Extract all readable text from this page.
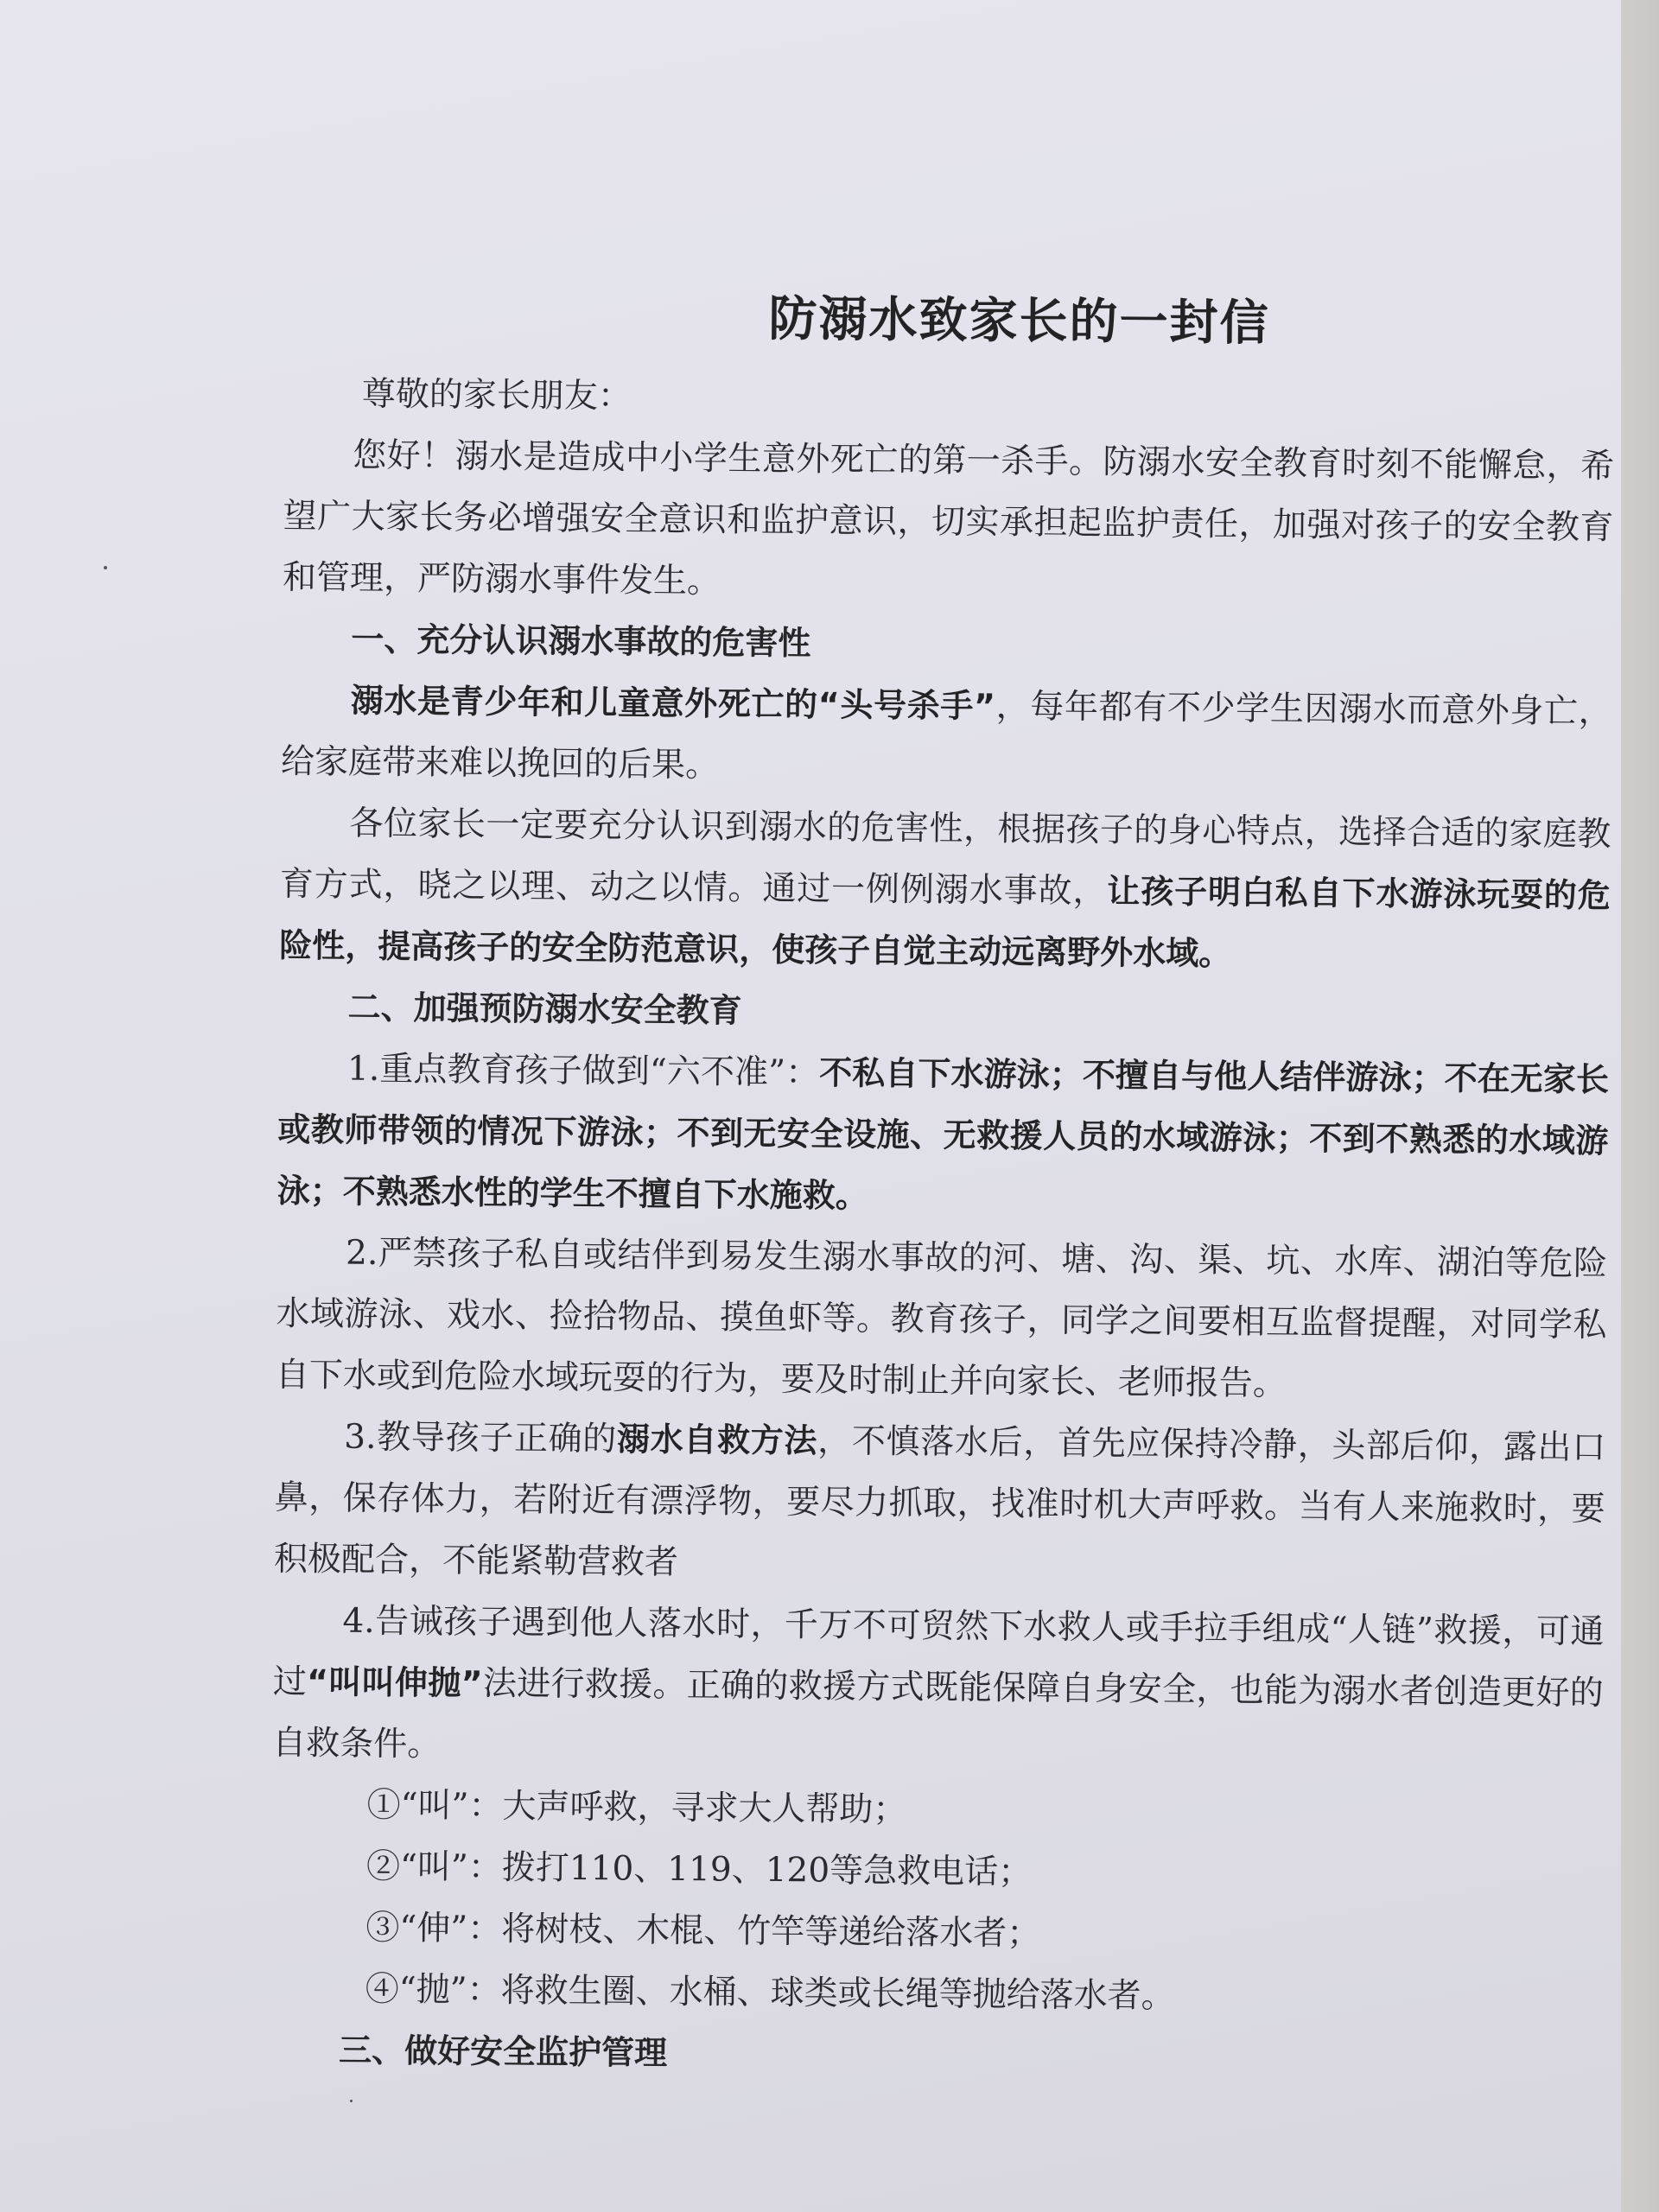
防溺水致家长的一封信

尊敬的家长朋友：

您好！溺水是造成中小学生意外死亡的第一杀手。防溺水安全教育时刻不能懈怠，希望广大家长务必增强安全意识和监护意识，切实承担起监护责任，加强对孩子的安全教育和管理，严防溺水事件发生。

一、充分认识溺水事故的危害性

溺水是青少年和儿童意外死亡的“头号杀手”，每年都有不少学生因溺水而意外身亡，给家庭带来难以挽回的后果。

各位家长一定要充分认识到溺水的危害性，根据孩子的身心特点，选择合适的家庭教育方式，晓之以理、动之以情。通过一例例溺水事故，让孩子明白私自下水游泳玩耍的危险性，提高孩子的安全防范意识，使孩子自觉主动远离野外水域。

二、加强预防溺水安全教育

1.重点教育孩子做到“六不准”：不私自下水游泳；不擅自与他人结伴游泳；不在无家长或教师带领的情况下游泳；不到无安全设施、无救援人员的水域游泳；不到不熟悉的水域游泳；不熟悉水性的学生不擅自下水施救。

2.严禁孩子私自或结伴到易发生溺水事故的河、塘、沟、渠、坑、水库、湖泊等危险水域游泳、戏水、捡拾物品、摸鱼虾等。教育孩子，同学之间要相互监督提醒，对同学私自下水或到危险水域玩耍的行为，要及时制止并向家长、老师报告。

3.教导孩子正确的溺水自救方法，不慎落水后，首先应保持冷静，头部后仰，露出口鼻，保存体力，若附近有漂浮物，要尽力抓取，找准时机大声呼救。当有人来施救时，要积极配合，不能紧勒营救者

4.告诫孩子遇到他人落水时，千万不可贸然下水救人或手拉手组成“人链”救援，可通过“叫叫伸抛”法进行救援。正确的救援方式既能保障自身安全，也能为溺水者创造更好的自救条件。

①“叫”：大声呼救，寻求大人帮助；

②“叫”：拨打110、119、120等急救电话；

③“伸”：将树枝、木棍、竹竿等递给落水者；

④“抛”：将救生圈、水桶、球类或长绳等抛给落水者。

三、做好安全监护管理
